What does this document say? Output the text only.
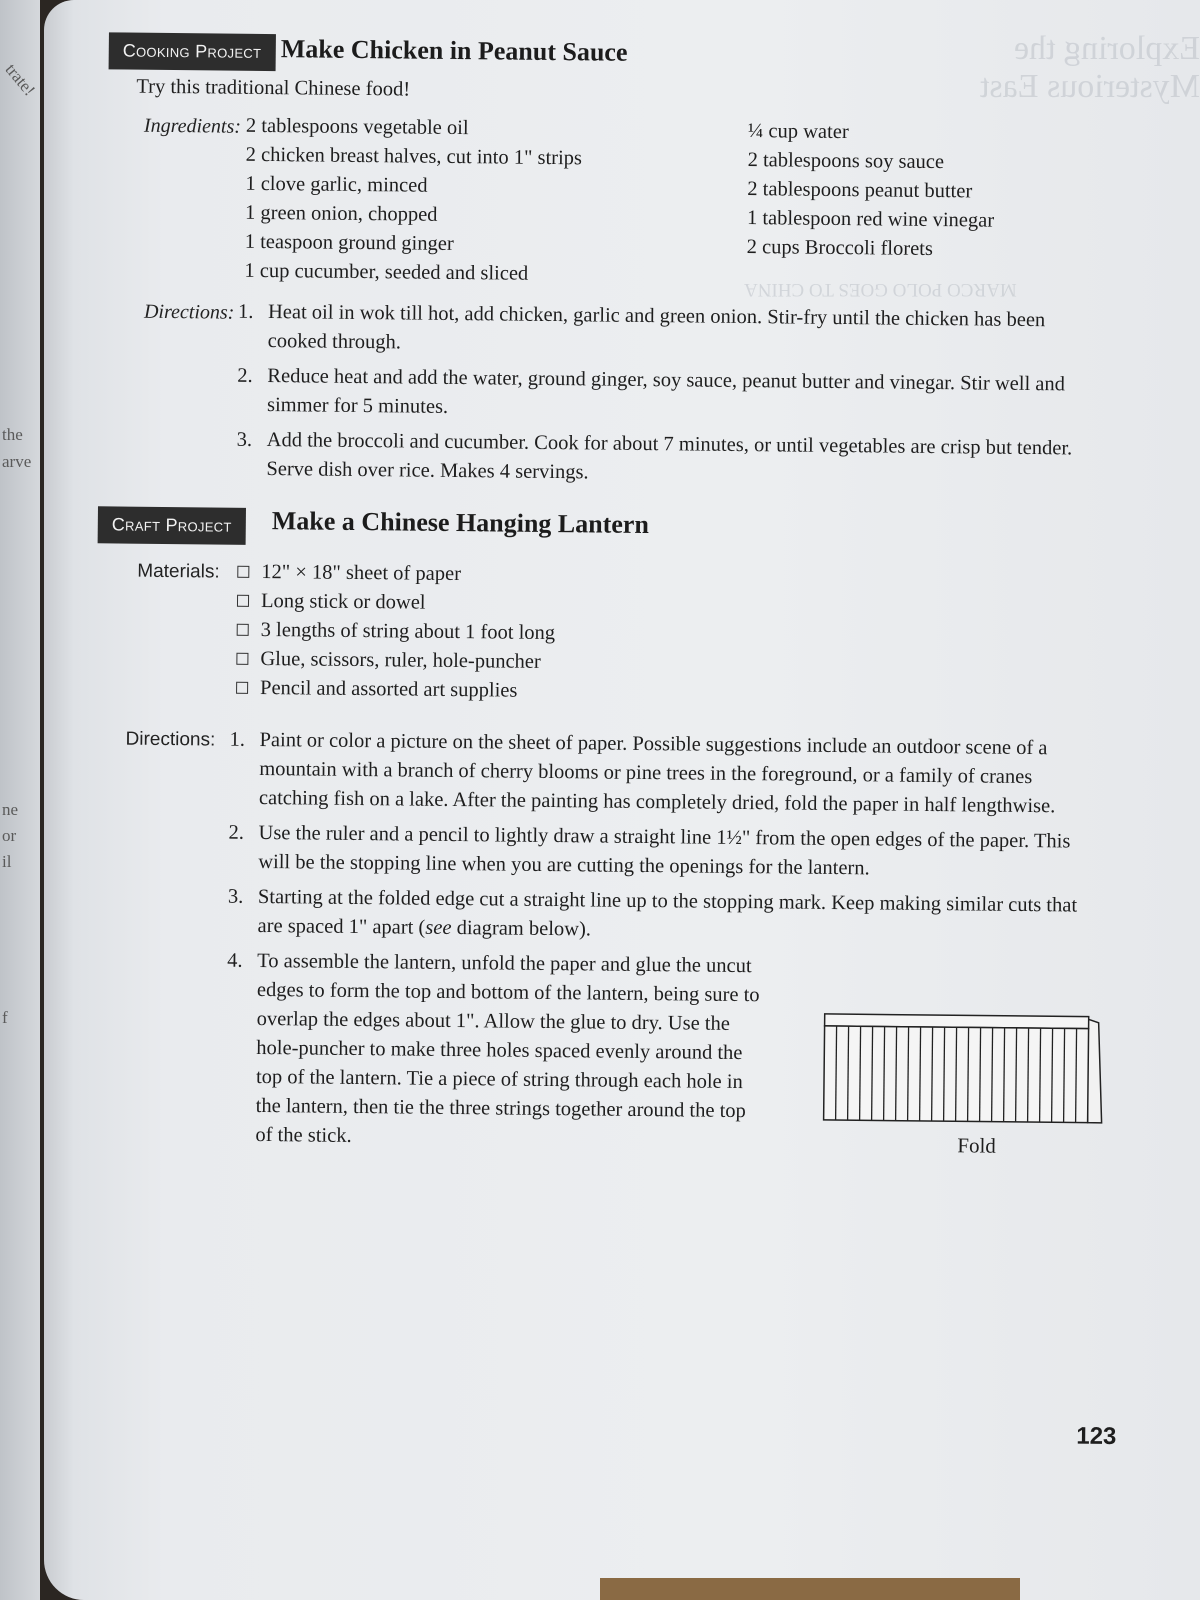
trate!
the
arve
ne
or
il
f
Exploring the Mysterious East
MARCO POLO GOES TO CHINA
Cooking Project Make Chicken in Peanut Sauce
Try this traditional Chinese food!
Ingredients: 2 tablespoons vegetable oil
2 chicken breast halves, cut into 1" strips
1 clove garlic, minced
1 green onion, chopped
1 teaspoon ground ginger
1 cup cucumber, seeded and sliced
¼ cup water
2 tablespoons soy sauce
2 tablespoons peanut butter
1 tablespoon red wine vinegar
2 cups Broccoli florets
Directions: 1. Heat oil in wok till hot, add chicken, garlic and green onion. Stir-fry until the chicken has been cooked through.
2. Reduce heat and add the water, ground ginger, soy sauce, peanut butter and vinegar. Stir well and simmer for 5 minutes.
3. Add the broccoli and cucumber. Cook for about 7 minutes, or until vegetables are crisp but tender. Serve dish over rice. Makes 4 servings.
Craft Project	Make a Chinese Hanging Lantern
Materials:	12" × 18" sheet of paper
Long stick or dowel
3 lengths of string about 1 foot long
Glue, scissors, ruler, hole-puncher
Pencil and assorted art supplies
Directions: 1. Paint or color a picture on the sheet of paper. Possible suggestions include an outdoor scene of a mountain with a branch of cherry blooms or pine trees in the foreground, or a family of cranes catching fish on a lake. After the painting has completely dried, fold the paper in half lengthwise.
2. Use the ruler and a pencil to lightly draw a straight line 1½" from the open edges of the paper. This will be the stopping line when you are cutting the openings for the lantern.
3. Starting at the folded edge cut a straight line up to the stopping mark. Keep making similar cuts that are spaced 1" apart (see diagram below).
4. To assemble the lantern, unfold the paper and glue the uncut edges to form the top and bottom of the lantern, being sure to overlap the edges about 1". Allow the glue to dry. Use the hole-puncher to make three holes spaced evenly around the top of the lantern. Tie a piece of string through each hole in the lantern, then tie the three strings together around the top of the stick.	Fold
123
